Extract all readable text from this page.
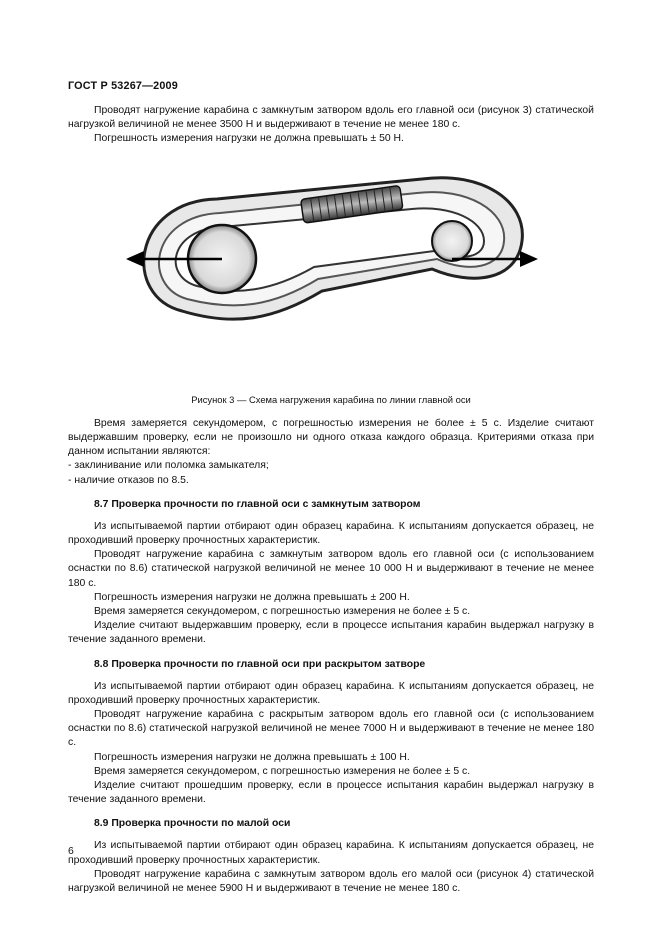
ГОСТ Р 53267—2009

Проводят нагружение карабина с замкнутым затвором вдоль его главной оси (рисунок 3) статической нагрузкой величиной не менее 3500 Н и выдерживают в течение не менее 180 с.

Погрешность измерения нагрузки не должна превышать ± 50 Н.

Рисунок 3 — Схема нагружения карабина по линии главной оси

Время замеряется секундомером, с погрешностью измерения не более ± 5 с. Изделие считают выдержавшим проверку, если не произошло ни одного отказа каждого образца. Критериями отказа при данном испытании являются:

- заклинивание или поломка замыкателя;

- наличие отказов по 8.5.

8.7 Проверка прочности по главной оси с замкнутым затвором

Из испытываемой партии отбирают один образец карабина. К испытаниям допускается образец, не проходивший проверку прочностных характеристик.

Проводят нагружение карабина с замкнутым затвором вдоль его главной оси (с использованием оснастки по 8.6) статической нагрузкой величиной не менее 10 000 Н и выдерживают в течение не менее 180 с.

Погрешность измерения нагрузки не должна превышать ± 200 Н.

Время замеряется секундомером, с погрешностью измерения не более ± 5 с.

Изделие считают выдержавшим проверку, если в процессе испытания карабин выдержал нагрузку в течение заданного времени.

8.8 Проверка прочности по главной оси при раскрытом затворе

Из испытываемой партии отбирают один образец карабина. К испытаниям допускается образец, не проходивший проверку прочностных характеристик.

Проводят нагружение карабина с раскрытым затвором вдоль его главной оси (с использованием оснастки по 8.6) статической нагрузкой величиной не менее 7000 Н и выдерживают в течение не менее 180 с.

Погрешность измерения нагрузки не должна превышать ± 100 Н.

Время замеряется секундомером, с погрешностью измерения не более ± 5 с.

Изделие считают прошедшим проверку, если в процессе испытания карабин выдержал нагрузку в течение заданного времени.

8.9 Проверка прочности по малой оси

Из испытываемой партии отбирают один образец карабина. К испытаниям допускается образец, не проходивший проверку прочностных характеристик.

Проводят нагружение карабина с замкнутым затвором вдоль его малой оси (рисунок 4) статической нагрузкой величиной не менее 5900 Н и выдерживают в течение не менее 180 с.

6
